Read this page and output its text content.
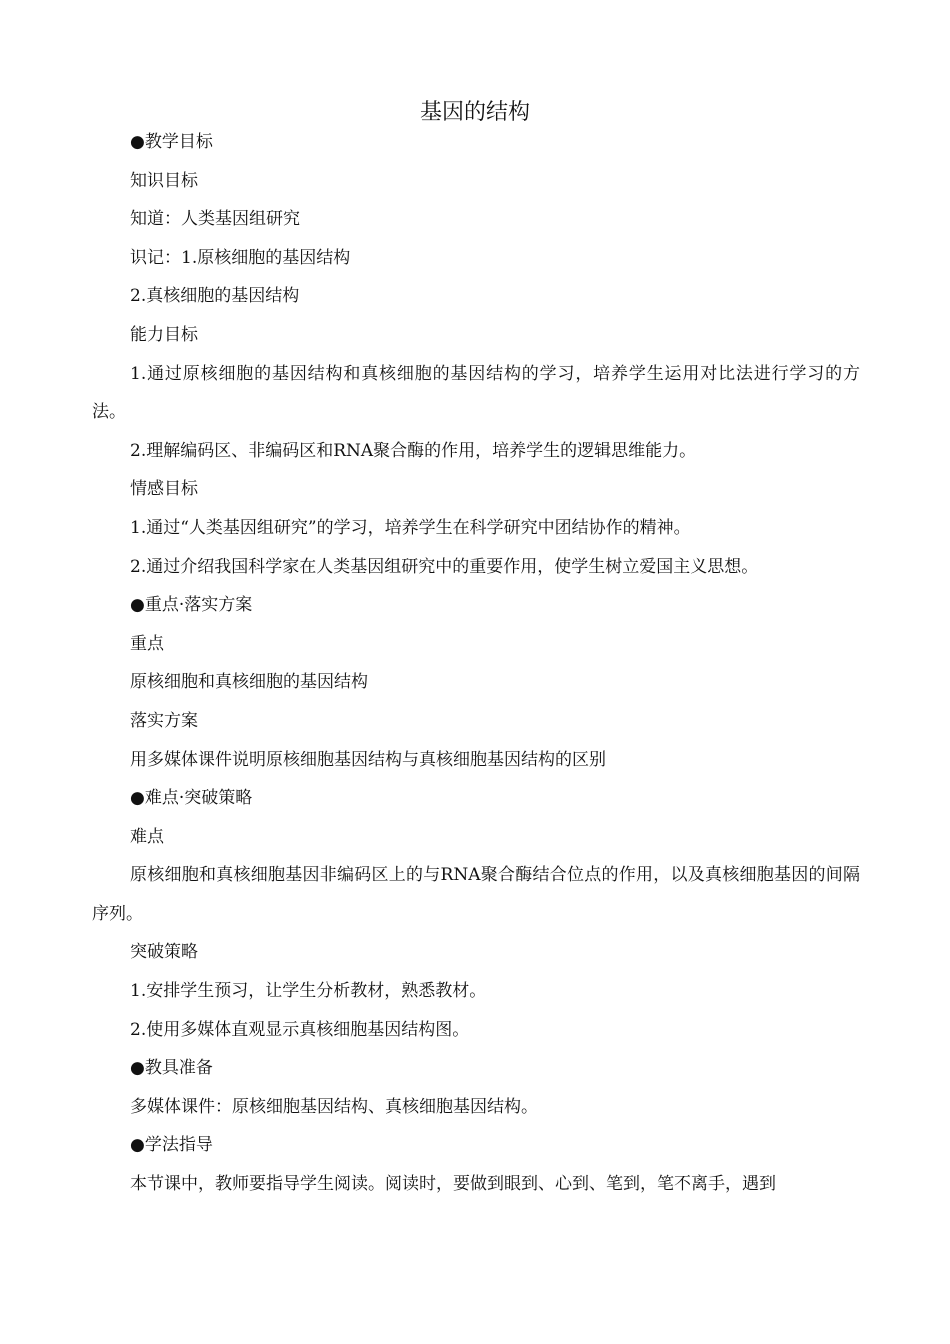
基因的结构

●教学目标

知识目标

知道：人类基因组研究

识记：1.原核细胞的基因结构

2.真核细胞的基因结构

能力目标

1.通过原核细胞的基因结构和真核细胞的基因结构的学习，培养学生运用对比法进行学习的方法。

2.理解编码区、非编码区和RNA聚合酶的作用，培养学生的逻辑思维能力。

情感目标

1.通过“人类基因组研究”的学习，培养学生在科学研究中团结协作的精神。

2.通过介绍我国科学家在人类基因组研究中的重要作用，使学生树立爱国主义思想。

●重点·落实方案

重点

原核细胞和真核细胞的基因结构

落实方案

用多媒体课件说明原核细胞基因结构与真核细胞基因结构的区别

●难点·突破策略

难点

原核细胞和真核细胞基因非编码区上的与RNA聚合酶结合位点的作用，以及真核细胞基因的间隔序列。

突破策略

1.安排学生预习，让学生分析教材，熟悉教材。

2.使用多媒体直观显示真核细胞基因结构图。

●教具准备

多媒体课件：原核细胞基因结构、真核细胞基因结构。

●学法指导

本节课中，教师要指导学生阅读。阅读时，要做到眼到、心到、笔到，笔不离手，遇到
